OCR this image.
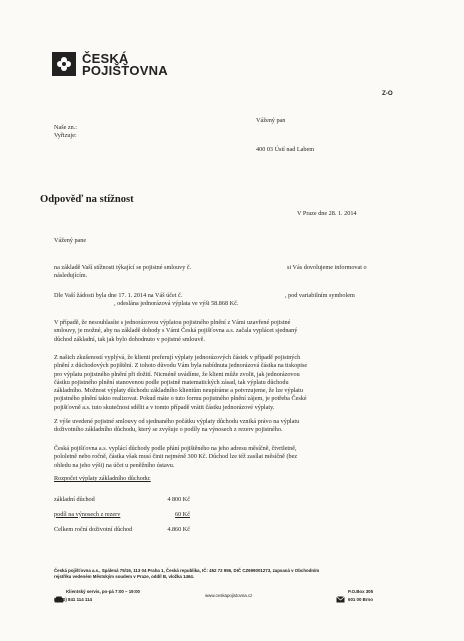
ČESKÁ
POJIŠŤOVNA
Z-O
Naše zn.:
Vyřizuje:
Vážený pan
400 03 Ústí nad Labem
Odpověď na stížnost
V Praze dne 28. 1. 2014
Vážený pane
na základě Vaší stížnosti týkající se pojistné smlouvy č.	si Vás dovolujeme informovat o
následujícím.
Dle Vaší žádosti byla dne 17. 1. 2014 na Váš účet č.	, pod variabilním symbolem
, odeslána jednorázová výplata ve výši 58.868 Kč.
V případě, že nesouhlasíte s jednorázovou výplatou pojistného plnění z Vámi uzavřené pojistné
smlouvy, je možné, aby na základě dohody s Vámi Česká pojišťovna a.s. začala vyplácet sjednaný
důchod základní, tak jak bylo dohodnuto v pojistné smlouvě.
Z našich zkušeností vyplývá, že klienti preferují výplaty jednorázových částek v případě pojistných
plnění z důchodových pojištění. Z tohoto důvodu Vám byla nabídnuta jednorázová částka na tiskopise
pro výplatu pojistného plnění při dožití. Nicméně uvádíme, že klient může zvolit, jak jednorázovou
částku pojistného plnění stanovenou podle pojistně matematických zásad, tak výplatu důchodu
základního. Možnost výplaty důchodu základního klientům neupíráme a potvrzujeme, že lze výplatu
pojistného plnění takto realizovat. Pokud máte o tuto formu pojistného plnění zájem, je potřeba České
pojišťovně a.s. tuto skutečnost sdělit a v tomto případě vrátit částku jednorázové výplaty.
Z výše uvedené pojistné smlouvy od sjednaného počátku výplaty důchodu vzniká právo na výplatu
doživotního základního důchodu, který se zvyšuje o podíly na výnosech z rezerv pojistného.
Česká pojišťovna a.s. vyplácí důchody podle přání pojištěného na jeho adresu měsíčně, čtvrtletně,
pololetně nebo ročně, částka však musí činit nejméně 300 Kč. Důchod lze též zasílat měsíčně (bez
ohledu na jeho výši) na účet u peněžního ústavu.
Rozpočet výplaty základního důchodu:
základní důchod	4 800 Kč
podíl na výnosech z rezerv	60 Kč
Celkem roční doživotní důchod	4.860 Kč
Česká pojišťovna a.s., Spálená 75/16, 113 04 Praha 1, Česká republika, IČ: 452 72 956, DIČ CZ699001273, zapsaná v Obchodním
rejstříku vedeném Městským soudem v Praze, oddíl B, vložka 1464.
Klientský servis, po-pá 7:00 – 19:00
(+420) 841 114 114
www.ceskapojistovna.cz
P.O.Box 305
601 00 Brno
